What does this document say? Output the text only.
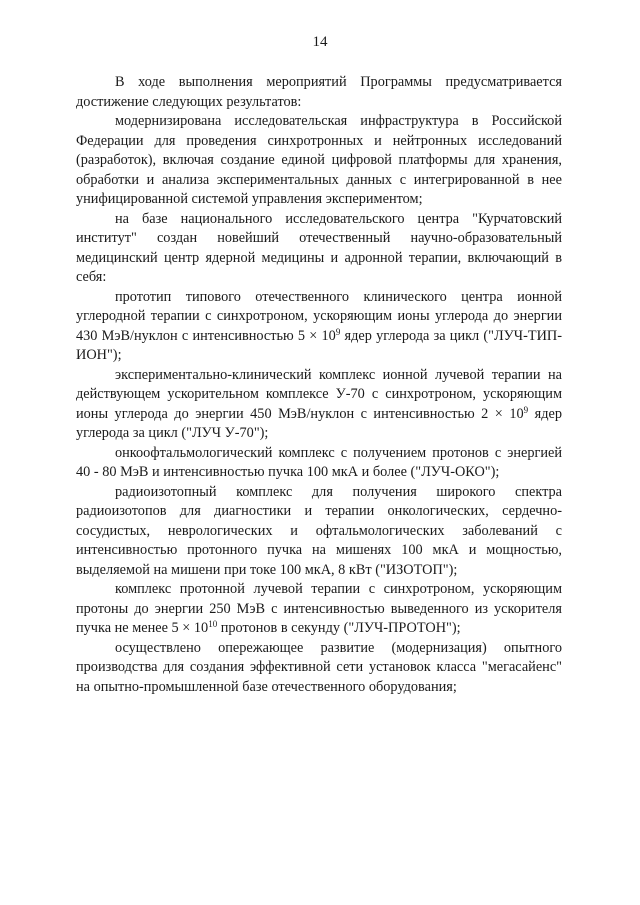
14

В ходе выполнения мероприятий Программы предусматривается достижение следующих результатов:

модернизирована исследовательская инфраструктура в Российской Федерации для проведения синхротронных и нейтронных исследований (разработок), включая создание единой цифровой платформы для хранения, обработки и анализа экспериментальных данных с интегрированной в нее унифицированной системой управления экспериментом;

на базе национального исследовательского центра "Курчатовский институт" создан новейший отечественный научно-образовательный медицинский центр ядерной медицины и адронной терапии, включающий в себя:

прототип типового отечественного клинического центра ионной углеродной терапии с синхротроном, ускоряющим ионы углерода до энергии 430 МэВ/нуклон с интенсивностью $5 \times 10^9$ ядер углерода за цикл ("ЛУЧ-ТИП-ИОН");

экспериментально-клинический комплекс ионной лучевой терапии на действующем ускорительном комплексе У-70 с синхротроном, ускоряющим ионы углерода до энергии 450 МэВ/нуклон с интенсивностью $2 \times 10^9$ ядер углерода за цикл ("ЛУЧ У-70");

онкоофтальмологический комплекс с получением протонов с энергией 40 - 80 МэВ и интенсивностью пучка 100 мкА и более ("ЛУЧ-ОКО");

радиоизотопный комплекс для получения широкого спектра радиоизотопов для диагностики и терапии онкологических, сердечно-сосудистых, неврологических и офтальмологических заболеваний с интенсивностью протонного пучка на мишенях 100 мкА и мощностью, выделяемой на мишени при токе 100 мкА, 8 кВт ("ИЗОТОП");

комплекс протонной лучевой терапии с синхротроном, ускоряющим протоны до энергии 250 МэВ с интенсивностью выведенного из ускорителя пучка не менее $5 \times 10^{10}$ протонов в секунду ("ЛУЧ-ПРОТОН");

осуществлено опережающее развитие (модернизация) опытного производства для создания эффективной сети установок класса "мегасайенс" на опытно-промышленной базе отечественного оборудования;
